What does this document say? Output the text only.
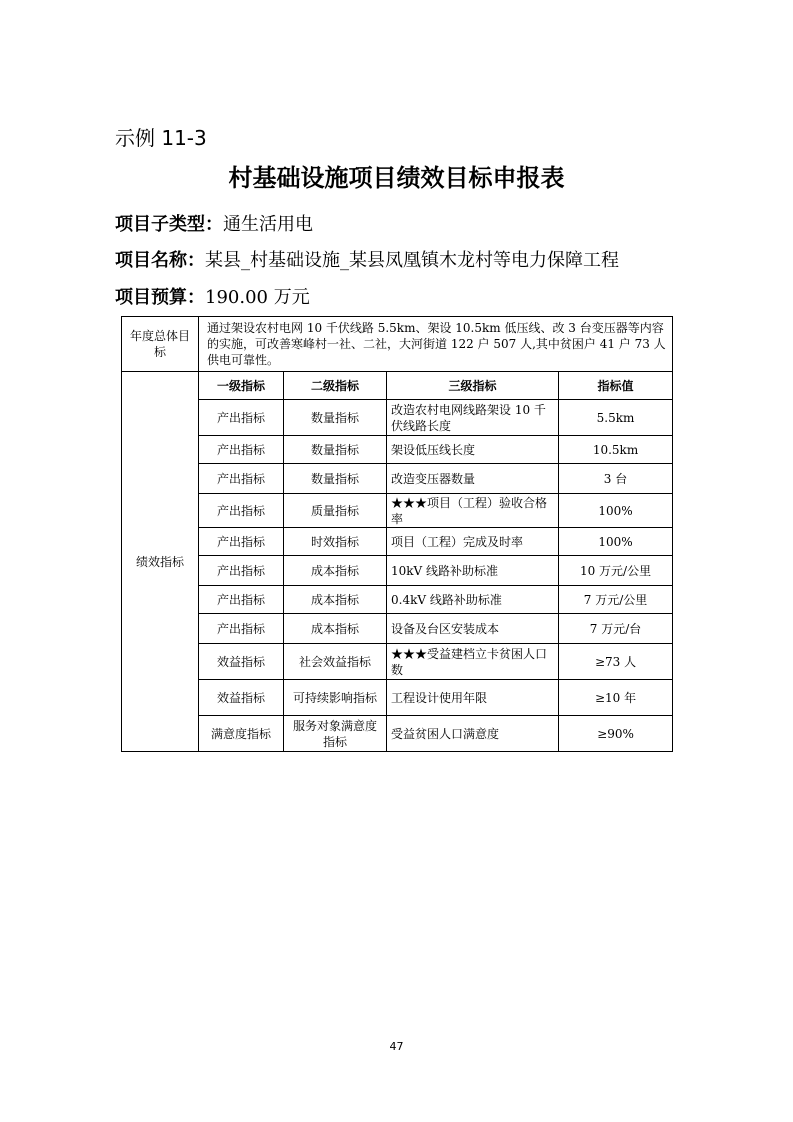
示例 11-3
村基础设施项目绩效目标申报表
项目子类型：通生活用电
项目名称：某县_村基础设施_某县凤凰镇木龙村等电力保障工程
项目预算：190.00 万元
年度总体目标	通过架设农村电网 10 千伏线路 5.5km、架设 10.5km 低压线、改 3 台变压器等内容的实施，可改善寒峰村一社、二社，大河街道 122 户 507 人,其中贫困户 41 户 73 人供电可靠性。			
绩效指标	一级指标	二级指标	三级指标	指标值
	产出指标	数量指标	改造农村电网线路架设 10 千伏线路长度	5.5km
	产出指标	数量指标	架设低压线长度	10.5km
	产出指标	数量指标	改造变压器数量	3 台
	产出指标	质量指标	★★★项目（工程）验收合格率	100%
	产出指标	时效指标	项目（工程）完成及时率	100%
	产出指标	成本指标	10kV 线路补助标准	10 万元/公里
	产出指标	成本指标	0.4kV 线路补助标准	7 万元/公里
	产出指标	成本指标	设备及台区安装成本	7 万元/台
	效益指标	社会效益指标	★★★受益建档立卡贫困人口数	≥73 人
	效益指标	可持续影响指标	工程设计使用年限	≥10 年
	满意度指标	服务对象满意度指标	受益贫困人口满意度	≥90%
47
